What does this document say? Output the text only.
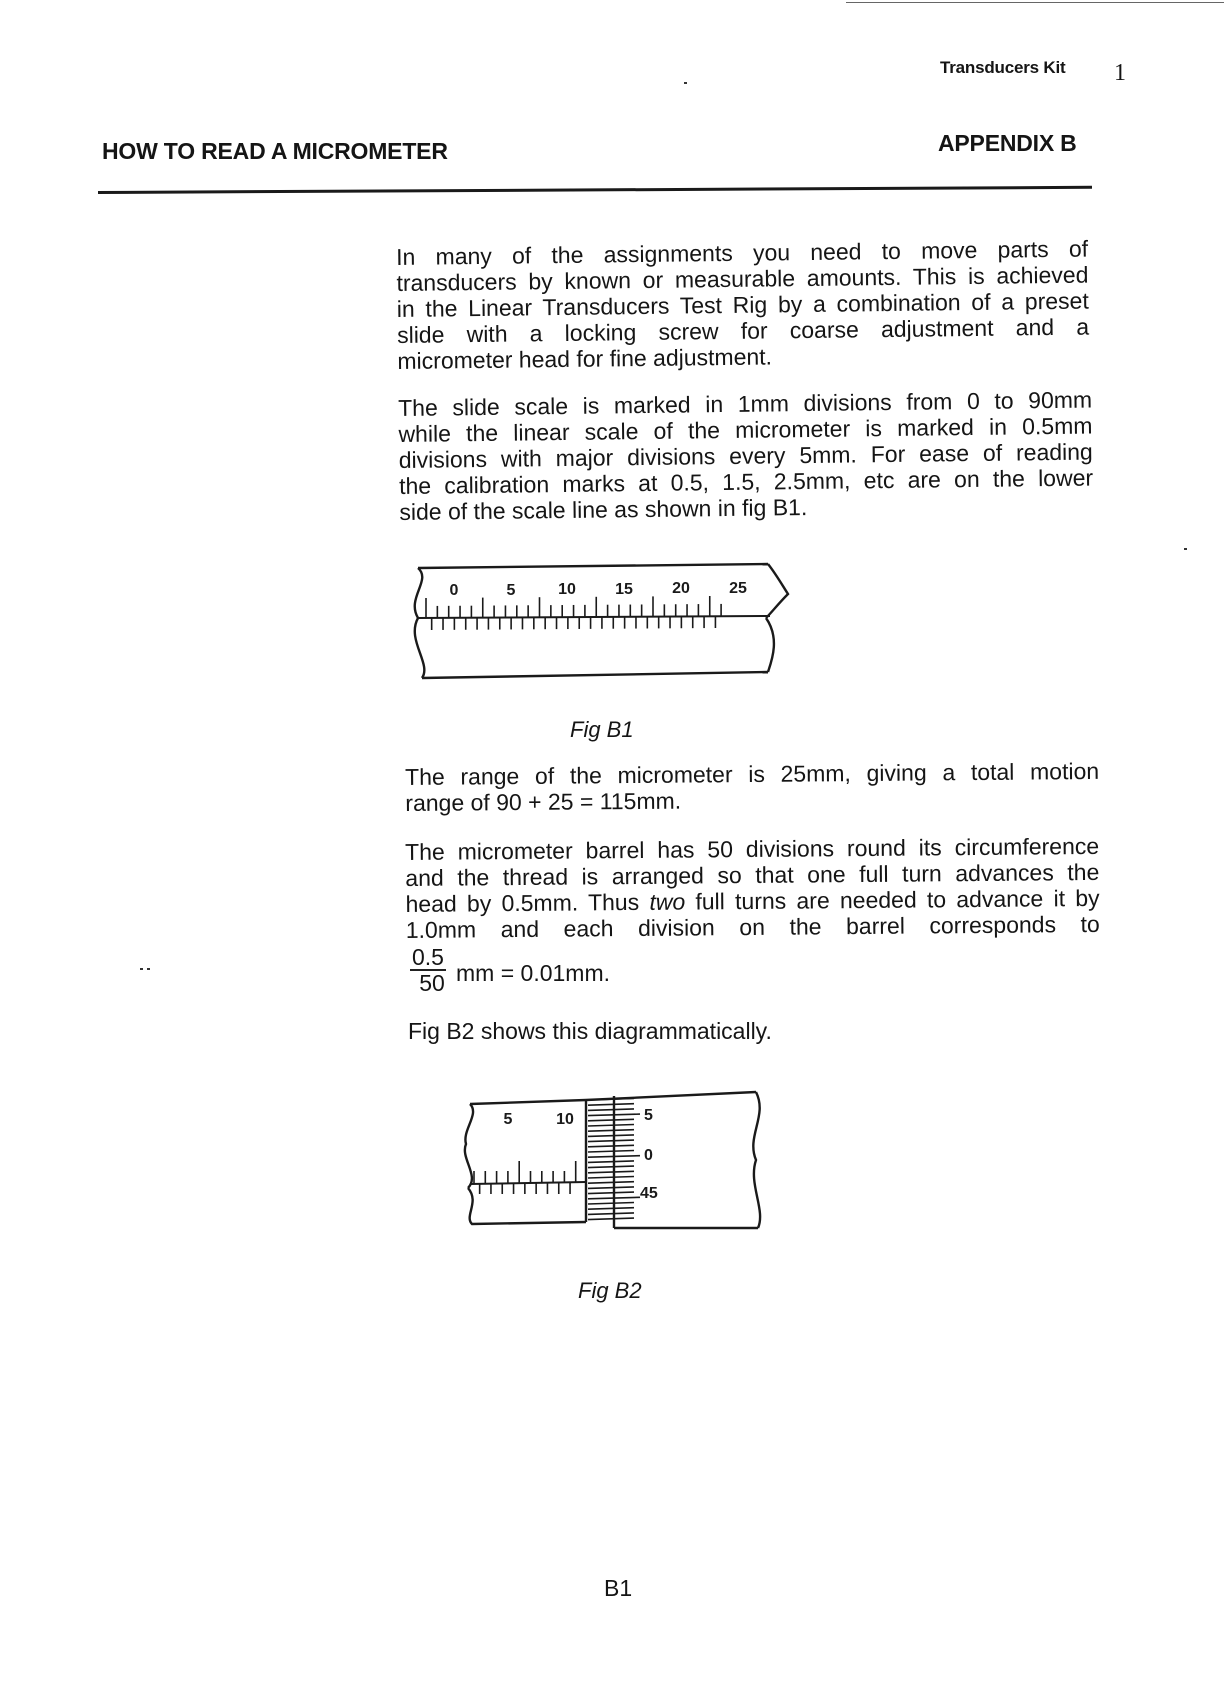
Transducers Kit 1
HOW TO READ A MICROMETER	APPENDIX B
In many of the assignments you need to move parts of
transducers by known or measurable amounts. This is achieved
in the Linear Transducers Test Rig by a combination of a preset
slide with a locking screw for coarse adjustment and a
micrometer head for fine adjustment.
The slide scale is marked in 1mm divisions from 0 to 90mm
while the linear scale of the micrometer is marked in 0.5mm
divisions with major divisions every 5mm. For ease of reading
the calibration marks at 0.5, 1.5, 2.5mm, etc are on the lower
side of the scale line as shown in fig B1.
0	5	10 15 20 25
Fig B1
The range of the micrometer is 25mm, giving a total motion
range of 90 + 25 = 115mm.
The micrometer barrel has 50 divisions round its circumference
and the thread is arranged so that one full turn advances the
head by 0.5mm. Thus two full turns are needed to advance it by
1.0mm and each division on the barrel corresponds to
$\frac{0.5}{50}$ mm = 0.01mm.
Fig B2 shows this diagrammatically.
5	10	5
0
45
Fig B2
B1
